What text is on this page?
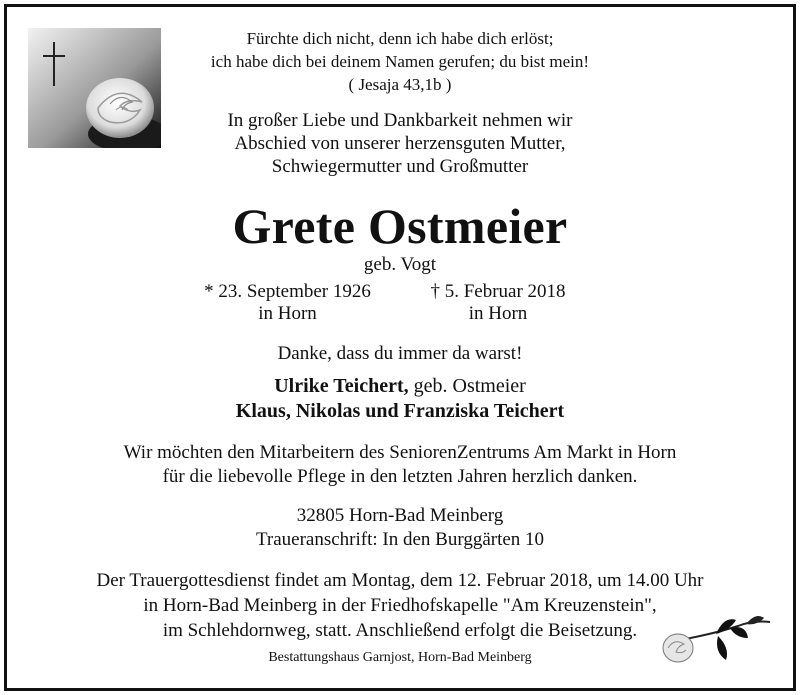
Fürchte dich nicht, denn ich habe dich erlöst;
ich habe dich bei deinem Namen gerufen; du bist mein!
( Jesaja 43,1b )
In großer Liebe und Dankbarkeit nehmen wir
Abschied von unserer herzensguten Mutter,
Schwiegermutter und Großmutter
Grete Ostmeier
geb. Vogt
* 23. September 1926
in Horn
† 5. Februar 2018
in Horn
Danke, dass du immer da warst!
Ulrike Teichert, geb. Ostmeier
Klaus, Nikolas und Franziska Teichert
Wir möchten den Mitarbeitern des SeniorenZentrums Am Markt in Horn
für die liebevolle Pflege in den letzten Jahren herzlich danken.
32805 Horn-Bad Meinberg
Traueranschrift: In den Burggärten 10
Der Trauergottesdienst findet am Montag, dem 12. Februar 2018, um 14.00 Uhr
in Horn-Bad Meinberg in der Friedhofskapelle "Am Kreuzenstein",
im Schlehdornweg, statt. Anschließend erfolgt die Beisetzung.
Bestattungshaus Garnjost, Horn-Bad Meinberg
